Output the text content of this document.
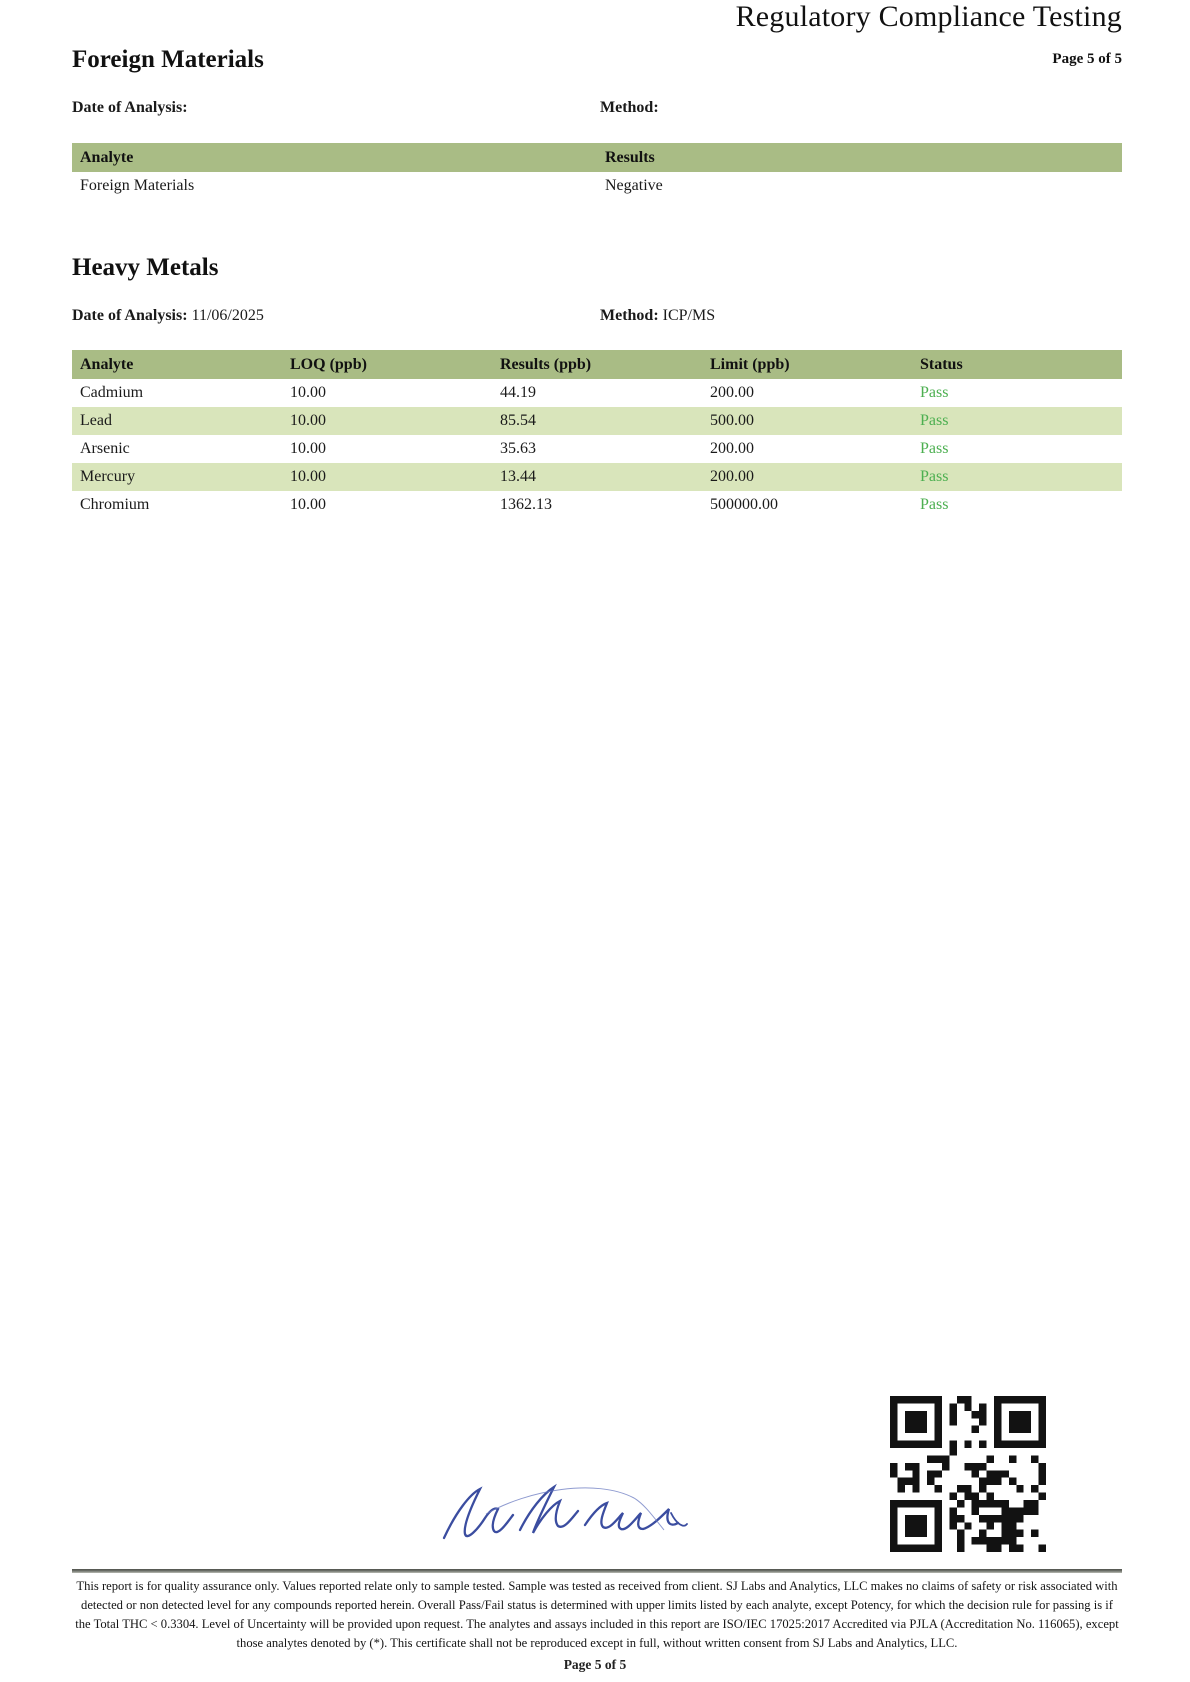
Regulatory Compliance Testing
Page 5 of 5
Foreign Materials
Date of Analysis:	Method:
Analyte	Results
Foreign Materials	Negative
Heavy Metals
Date of Analysis: 11/06/2025	Method: ICP/MS
Analyte	LOQ (ppb)	Results (ppb)	Limit (ppb)	Status
Cadmium	10.00	44.19	200.00	Pass
Lead	10.00	85.54	500.00	Pass
Arsenic	10.00	35.63	200.00	Pass
Mercury	10.00	13.44	200.00	Pass
Chromium	10.00	1362.13	500000.00	Pass
This report is for quality assurance only. Values reported relate only to sample tested. Sample was tested as received from client. SJ Labs and Analytics, LLC makes no claims of safety or risk associated with detected or non detected level for any compounds reported herein. Overall Pass/Fail status is determined with upper limits listed by each analyte, except Potency, for which the decision rule for passing is if the Total THC < 0.3304. Level of Uncertainty will be provided upon request. The analytes and assays included in this report are ISO/IEC 17025:2017 Accredited via PJLA (Accreditation No. 116065), except those analytes denoted by (*). This certificate shall not be reproduced except in full, without written consent from SJ Labs and Analytics, LLC.
Page 5 of 5
